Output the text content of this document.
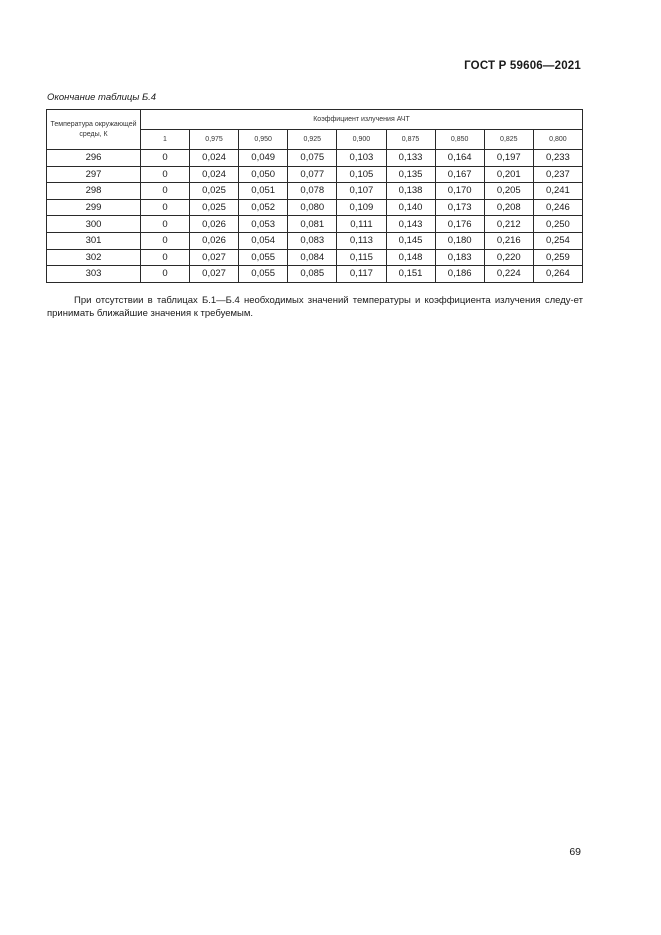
ГОСТ Р 59606—2021
Окончание таблицы Б.4
Температура окружающей среды, К	Коэффициент излучения АЧТ								
	1	0,975	0,950	0,925	0,900	0,875	0,850	0,825	0,800
296	0	0,024	0,049	0,075	0,103	0,133	0,164	0,197	0,233
297	0	0,024	0,050	0,077	0,105	0,135	0,167	0,201	0,237
298	0	0,025	0,051	0,078	0,107	0,138	0,170	0,205	0,241
299	0	0,025	0,052	0,080	0,109	0,140	0,173	0,208	0,246
300	0	0,026	0,053	0,081	0,111	0,143	0,176	0,212	0,250
301	0	0,026	0,054	0,083	0,113	0,145	0,180	0,216	0,254
302	0	0,027	0,055	0,084	0,115	0,148	0,183	0,220	0,259
303	0	0,027	0,055	0,085	0,117	0,151	0,186	0,224	0,264
При отсутствии в таблицах Б.1—Б.4 необходимых значений температуры и коэффициента излучения следу-ет принимать ближайшие значения к требуемым.
69
